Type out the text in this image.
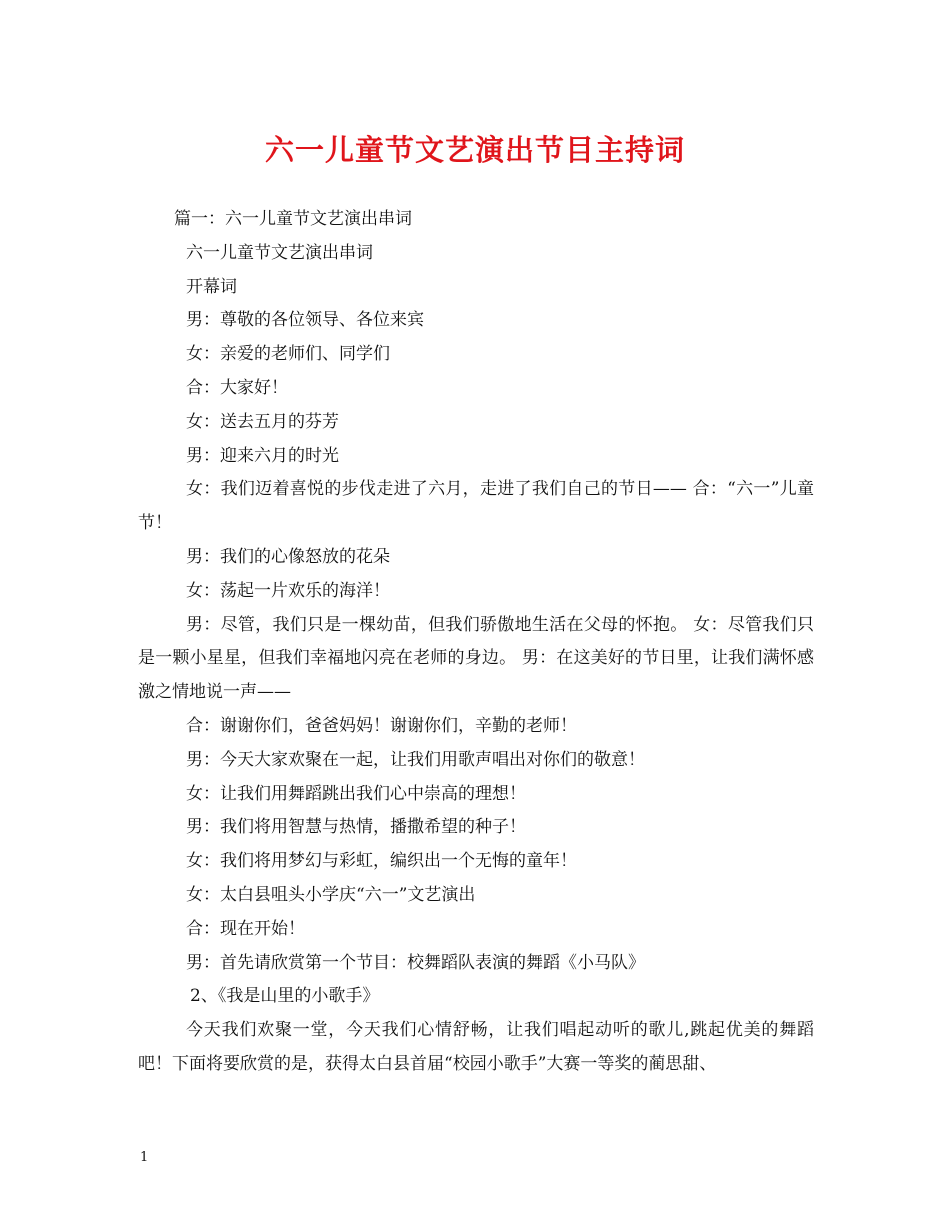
六一儿童节文艺演出节目主持词

篇一：六一儿童节文艺演出串词

六一儿童节文艺演出串词

开幕词

男：尊敬的各位领导、各位来宾

女：亲爱的老师们、同学们

合：大家好！

女：送去五月的芬芳

男：迎来六月的时光

女：我们迈着喜悦的步伐走进了六月，走进了我们自己的节日—— 合：“六一”儿童节！

男：我们的心像怒放的花朵

女：荡起一片欢乐的海洋！

男：尽管，我们只是一棵幼苗，但我们骄傲地生活在父母的怀抱。 女：尽管我们只是一颗小星星，但我们幸福地闪亮在老师的身边。 男：在这美好的节日里，让我们满怀感激之情地说一声——

合：谢谢你们，爸爸妈妈！谢谢你们，辛勤的老师！

男：今天大家欢聚在一起，让我们用歌声唱出对你们的敬意！

女：让我们用舞蹈跳出我们心中崇高的理想！

男：我们将用智慧与热情，播撒希望的种子！

女：我们将用梦幻与彩虹，编织出一个无悔的童年！

女：太白县咀头小学庆“六一”文艺演出

合：现在开始！

男：首先请欣赏第一个节目：校舞蹈队表演的舞蹈《小马队》

2、《我是山里的小歌手》

今天我们欢聚一堂，今天我们心情舒畅，让我们唱起动听的歌儿,跳起优美的舞蹈吧！下面将要欣赏的是，获得太白县首届“校园小歌手”大赛一等奖的蔺思甜、

1
